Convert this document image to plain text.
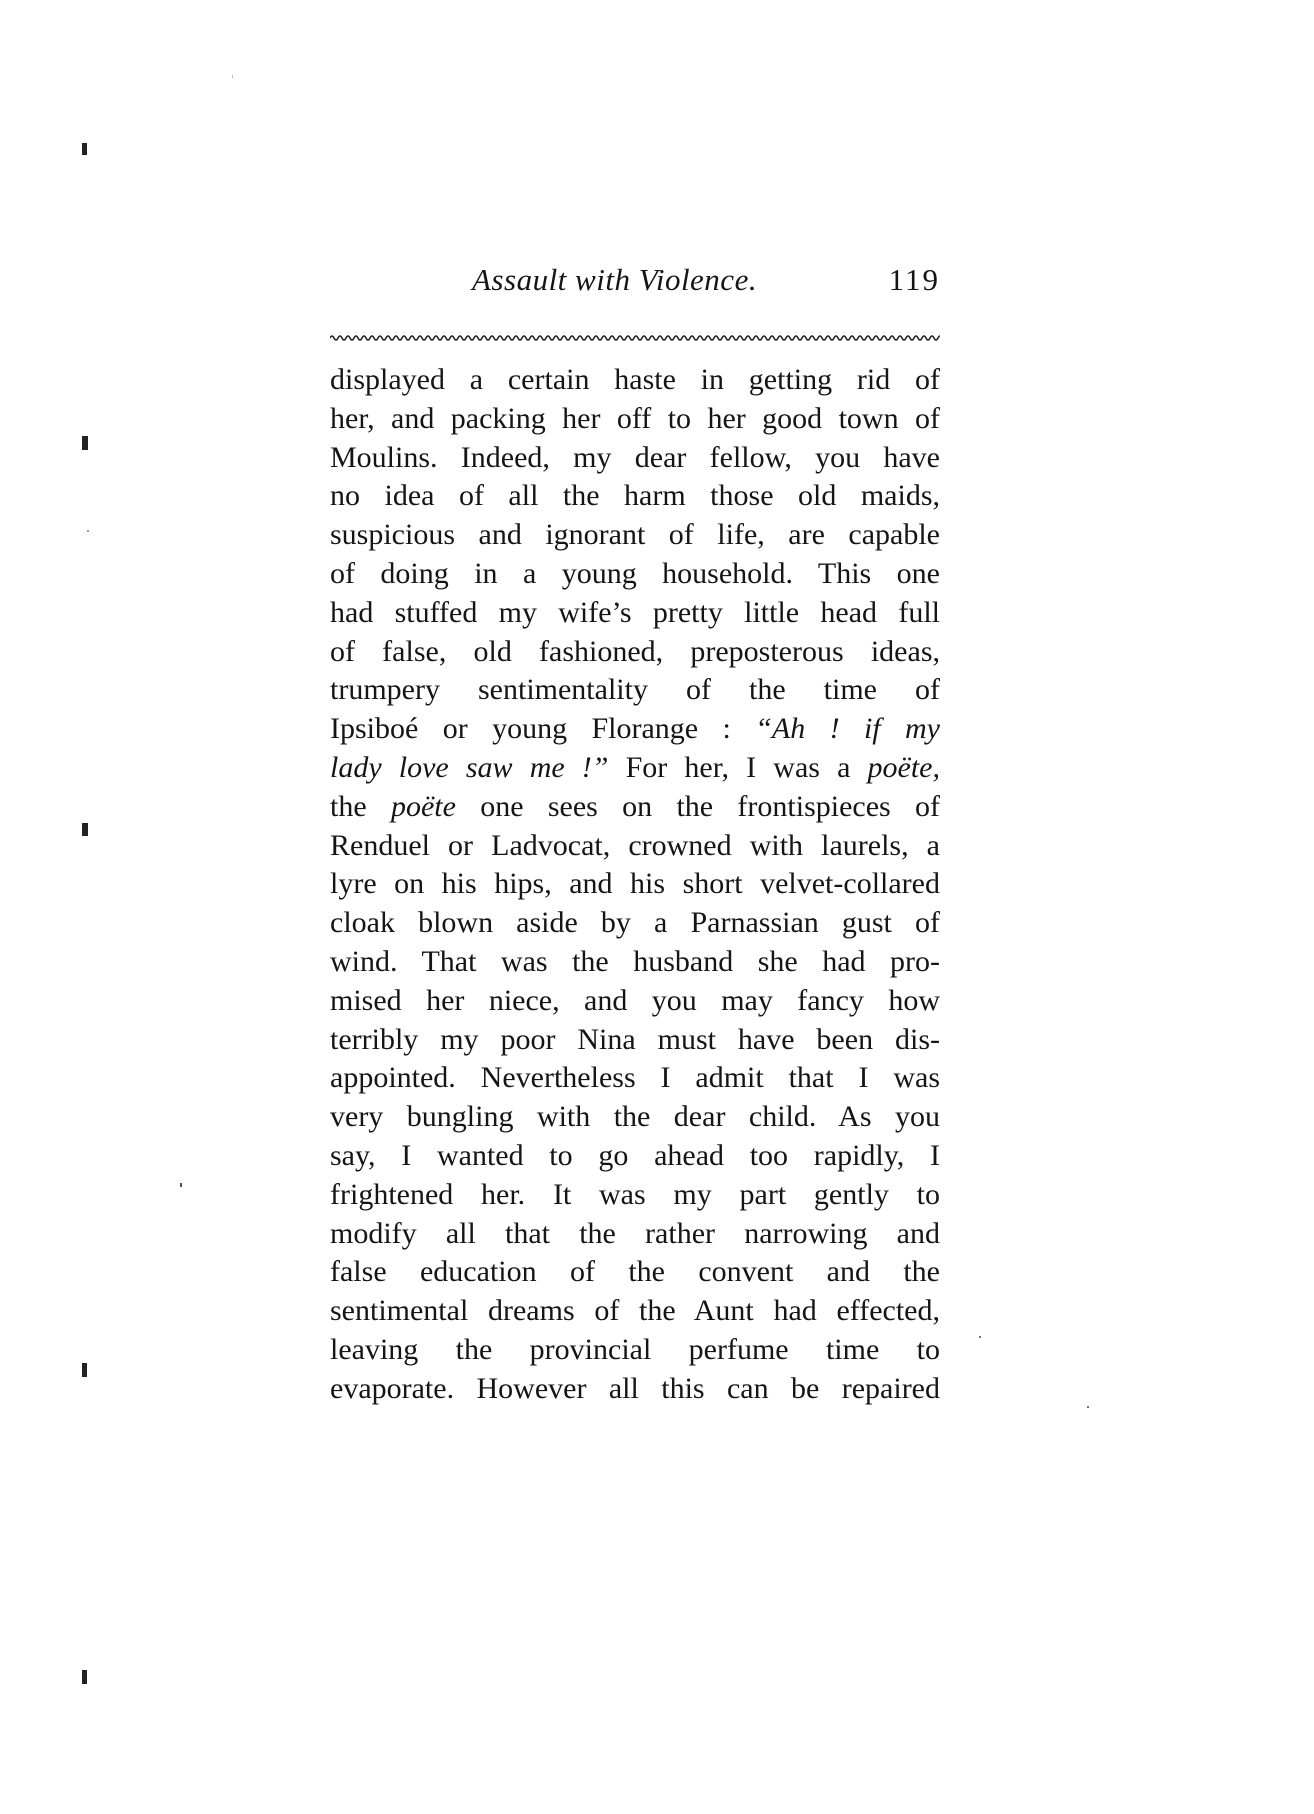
Assault with Violence.	119
displayed a certain haste in getting rid of
her, and packing her off to her good town of
Moulins. Indeed, my dear fellow, you have
no idea of all the harm those old maids,
suspicious and ignorant of life, are capable
of doing in a young household. This one
had stuffed my wife’s pretty little head full
of false, old fashioned, preposterous ideas,
trumpery sentimentality of the time of
Ipsiboé or young Florange : “Ah ! if my
lady love saw me !” For her, I was a poëte,
the poëte one sees on the frontispieces of
Renduel or Ladvocat, crowned with laurels, a
lyre on his hips, and his short velvet-collared
cloak blown aside by a Parnassian gust of
wind. That was the husband she had pro-
mised her niece, and you may fancy how
terribly my poor Nina must have been dis-
appointed. Nevertheless I admit that I was
very bungling with the dear child. As you
say, I wanted to go ahead too rapidly, I
frightened her. It was my part gently to
modify all that the rather narrowing and
false education of the convent and the
sentimental dreams of the Aunt had effected,
leaving the provincial perfume time to
evaporate. However all this can be repaired
